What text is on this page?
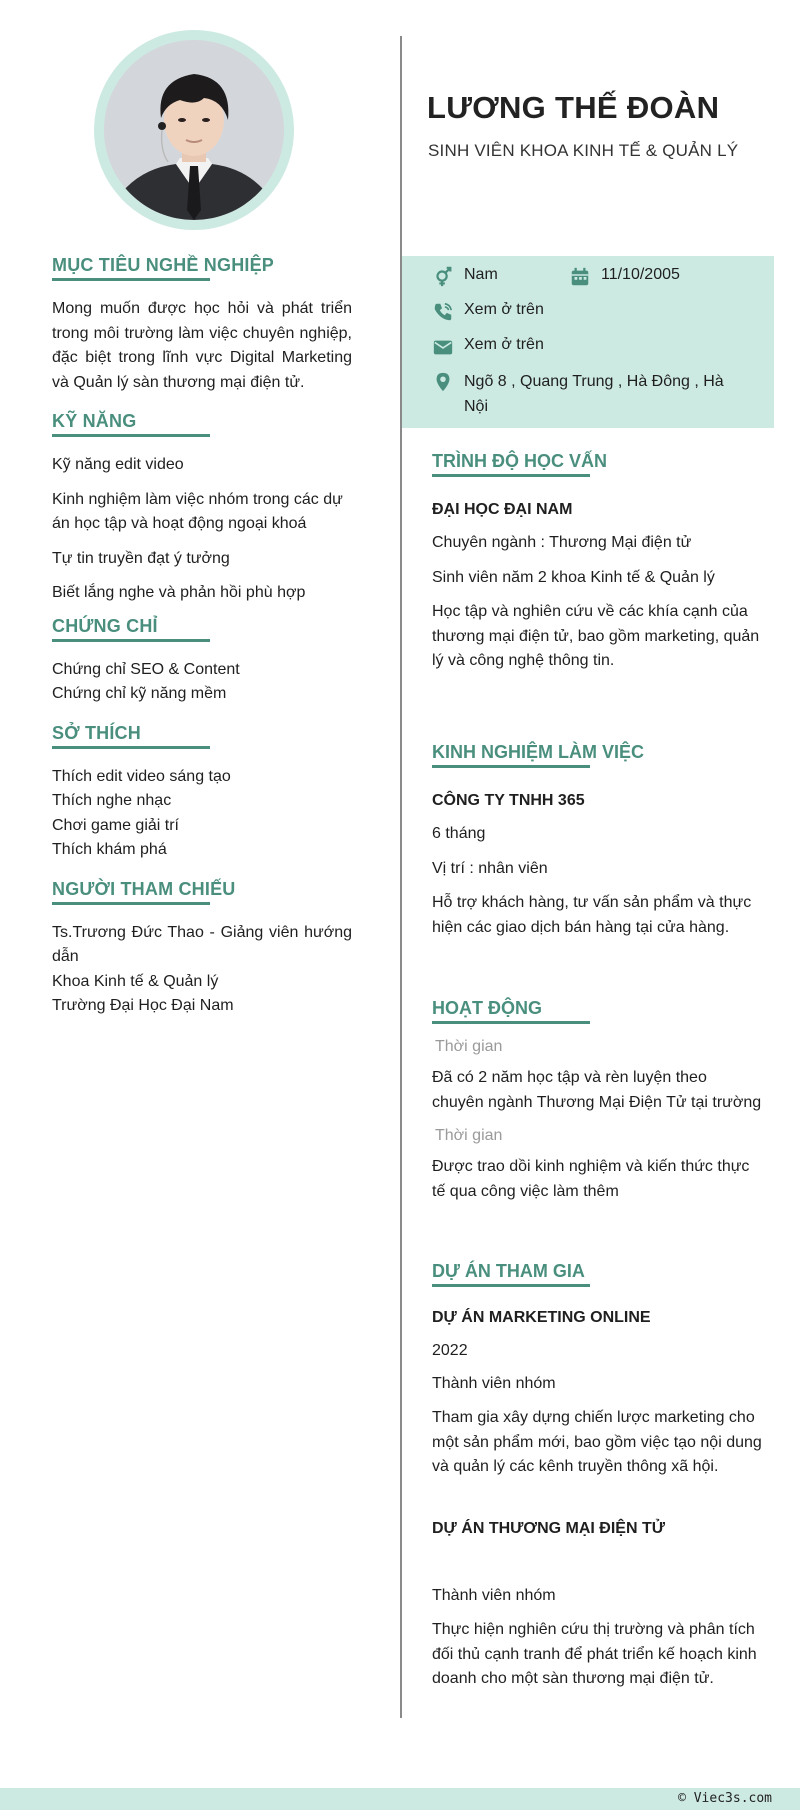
MỤC TIÊU NGHỀ NGHIỆP
Mong muốn được học hỏi và phát triển trong môi trường làm việc chuyên nghiệp, đặc biệt trong lĩnh vực Digital Marketing và Quản lý sàn thương mại điện tử.
KỸ NĂNG
Kỹ năng edit video
Kinh nghiệm làm việc nhóm trong các dự án học tập và hoạt động ngoại khoá
Tự tin truyền đạt ý tưởng
Biết lắng nghe và phản hồi phù hợp
CHỨNG CHỈ
Chứng chỉ SEO & Content
Chứng chỉ kỹ năng mềm
SỞ THÍCH
Thích edit video sáng tạo
Thích nghe nhạc
Chơi game giải trí
Thích khám phá
NGƯỜI THAM CHIẾU
Ts.Trương Đức Thao - Giảng viên hướng dẫn
Khoa Kinh tế & Quản lý
Trường Đại Học Đại Nam
LƯƠNG THẾ ĐOÀN
SINH VIÊN KHOA KINH TẾ & QUẢN LÝ
Nam	11/10/2005
Xem ở trên
Xem ở trên
Ngõ 8 , Quang Trung , Hà Đông , Hà Nội
TRÌNH ĐỘ HỌC VẤN
ĐẠI HỌC ĐẠI NAM
Chuyên ngành : Thương Mại điện tử
Sinh viên năm 2 khoa Kinh tế & Quản lý
Học tập và nghiên cứu về các khía cạnh của thương mại điện tử, bao gồm marketing, quản lý và công nghệ thông tin.
KINH NGHIỆM LÀM VIỆC
CÔNG TY TNHH 365
6 tháng
Vị trí : nhân viên
Hỗ trợ khách hàng, tư vấn sản phẩm và thực hiện các giao dịch bán hàng tại cửa hàng.
HOẠT ĐỘNG
Thời gian
Đã có 2 năm học tập và rèn luyện theo chuyên ngành Thương Mại Điện Tử tại trường
Thời gian
Được trao dồi kinh nghiệm và kiến thức thực tế qua công việc làm thêm
DỰ ÁN THAM GIA
DỰ ÁN MARKETING ONLINE
2022
Thành viên nhóm
Tham gia xây dựng chiến lược marketing cho một sản phẩm mới, bao gồm việc tạo nội dung và quản lý các kênh truyền thông xã hội.
DỰ ÁN THƯƠNG MẠI ĐIỆN TỬ
Thành viên nhóm
Thực hiện nghiên cứu thị trường và phân tích đối thủ cạnh tranh để phát triển kế hoạch kinh doanh cho một sàn thương mại điện tử.
© Viec3s.com
